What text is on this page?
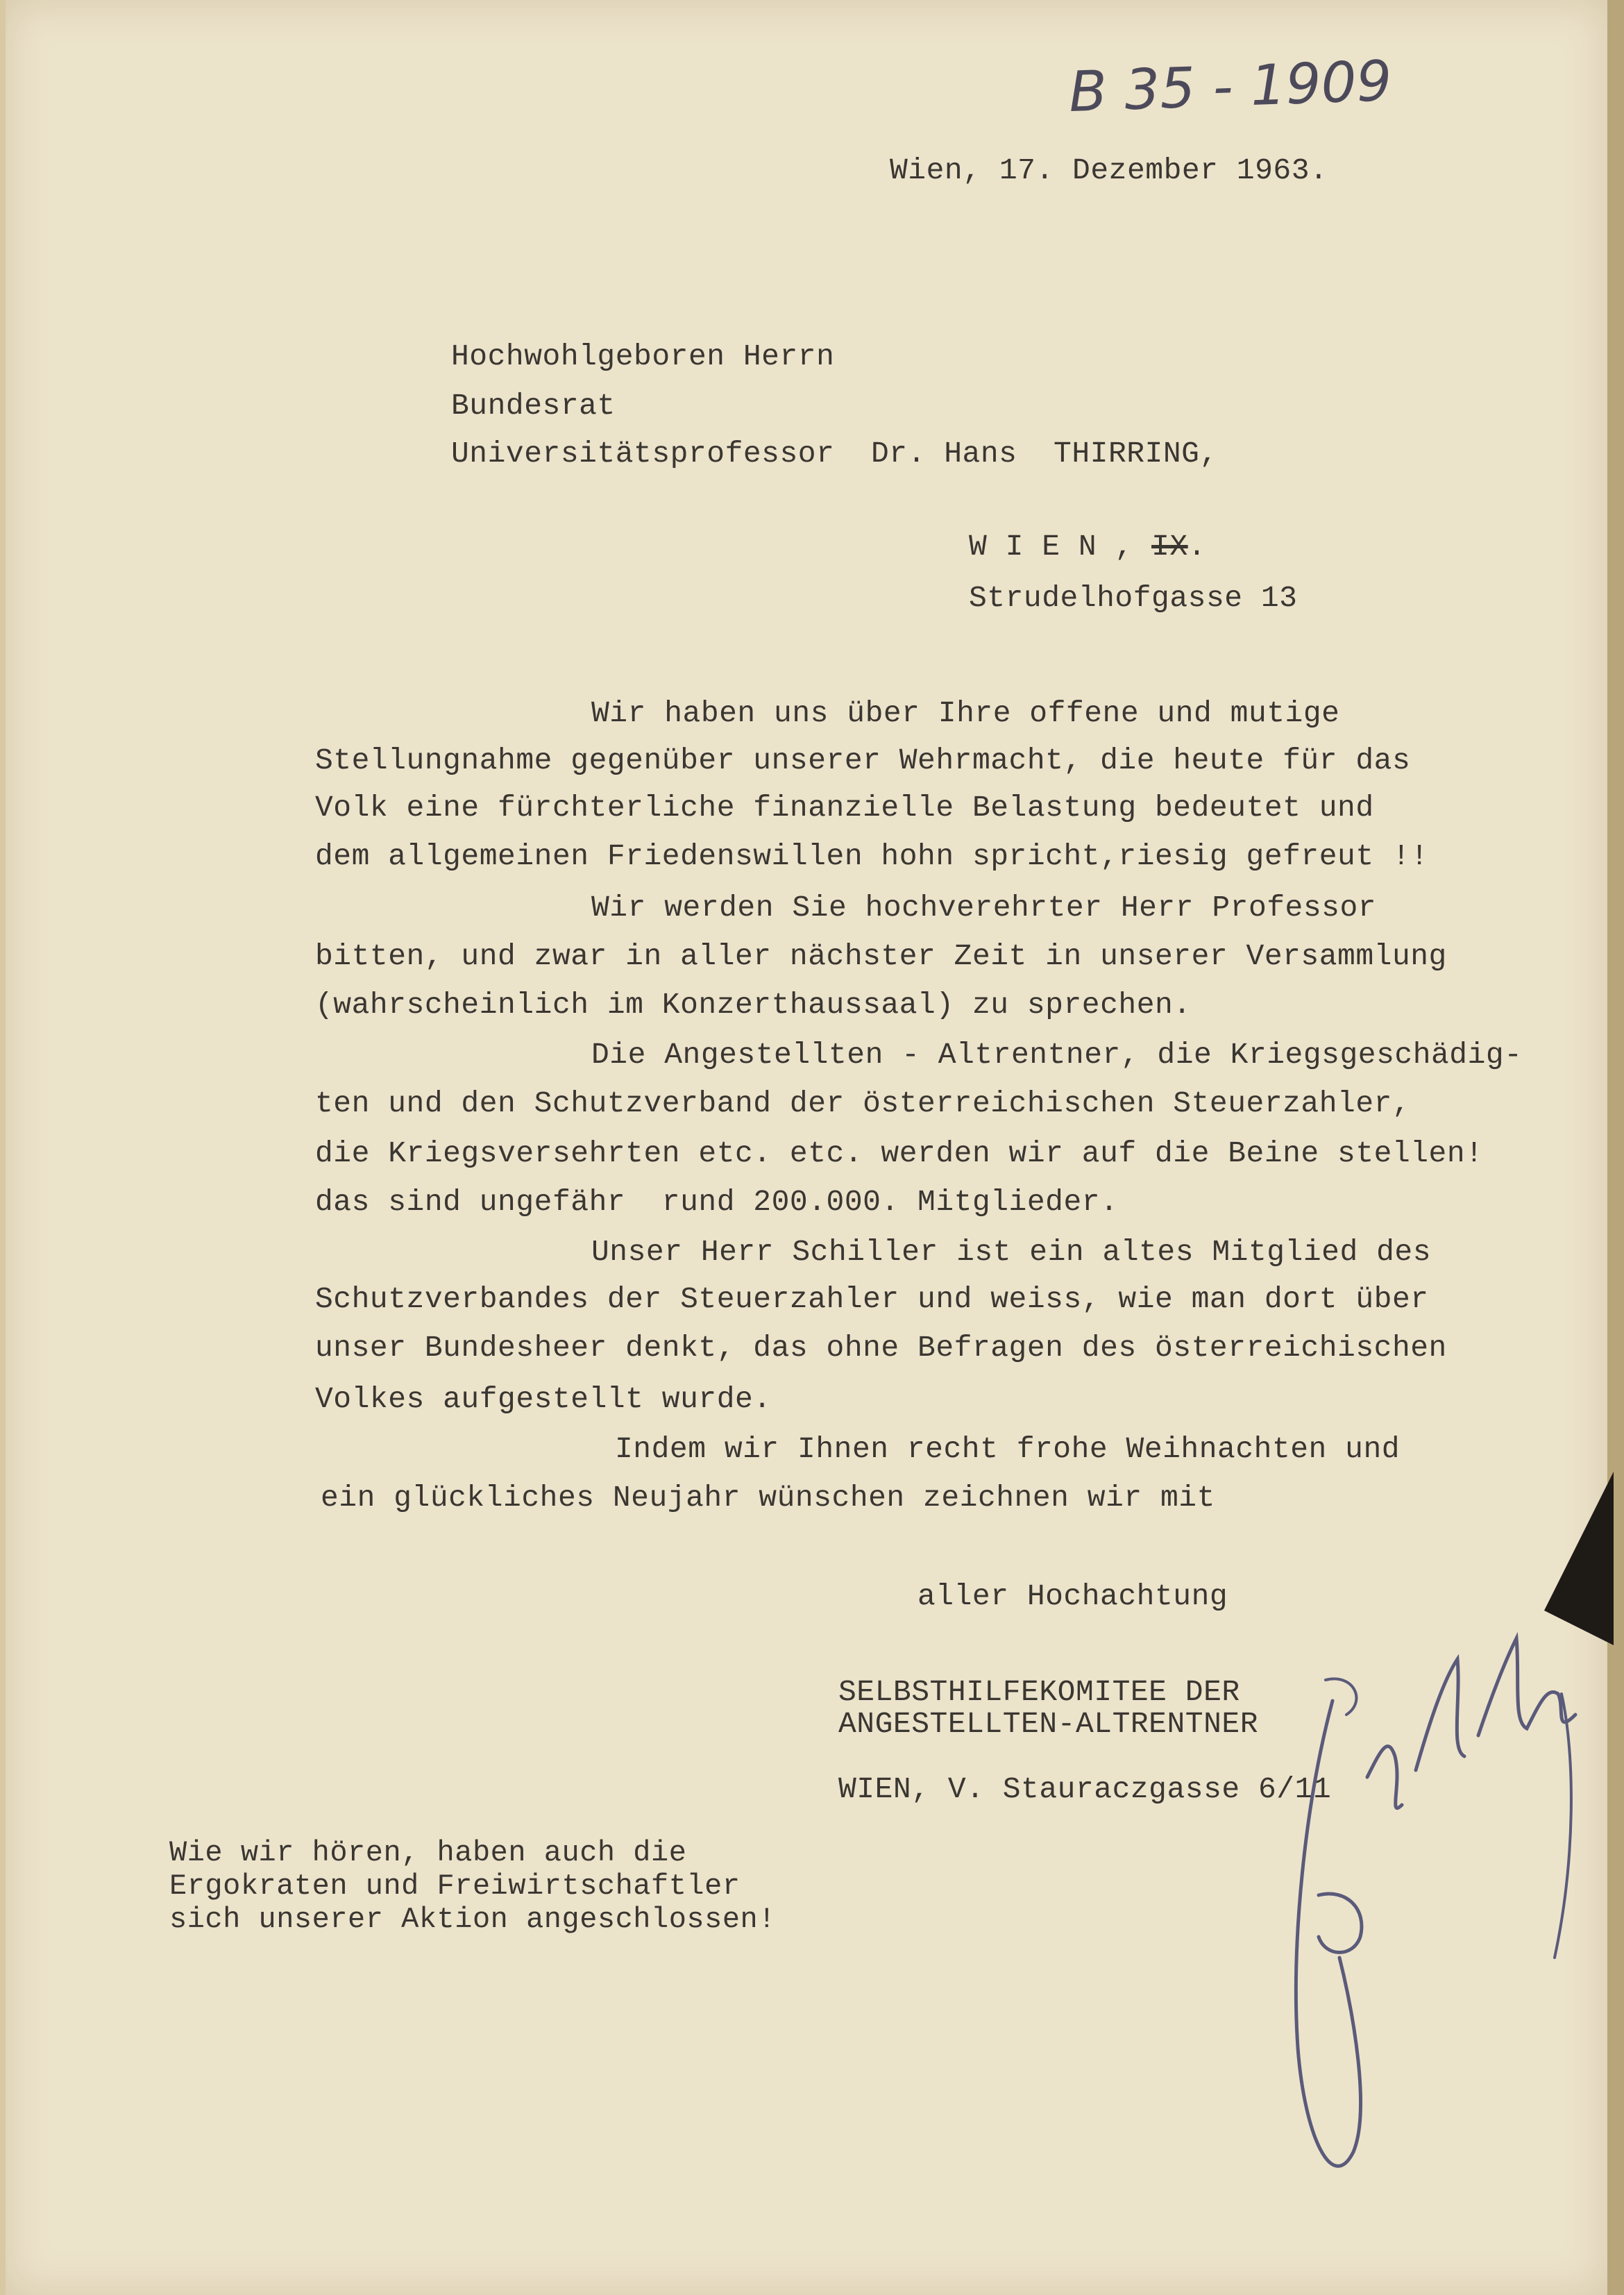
B 35 - 1909

Wien, 17. Dezember 1963.

Hochwohlgeboren Herrn

Bundesrat

Universitätsprofessor  Dr. Hans  THIRRING,

W I E N , IX.

Strudelhofgasse 13

Wir haben uns über Ihre offene und mutige

Stellungnahme gegenüber unserer Wehrmacht, die heute für das

Volk eine fürchterliche finanzielle Belastung bedeutet und

dem allgemeinen Friedenswillen hohn spricht,riesig gefreut !!

Wir werden Sie hochverehrter Herr Professor

bitten, und zwar in aller nächster Zeit in unserer Versammlung

(wahrscheinlich im Konzerthaussaal) zu sprechen.

Die Angestellten - Altrentner, die Kriegsgeschädig-

ten und den Schutzverband der österreichischen Steuerzahler,

die Kriegsversehrten etc. etc. werden wir auf die Beine stellen!

das sind ungefähr  rund 200.000. Mitglieder.

Unser Herr Schiller ist ein altes Mitglied des

Schutzverbandes der Steuerzahler und weiss, wie man dort über

unser Bundesheer denkt, das ohne Befragen des österreichischen

Volkes aufgestellt wurde.

Indem wir Ihnen recht frohe Weihnachten und

ein glückliches Neujahr wünschen zeichnen wir mit

aller Hochachtung

SELBSTHILFEKOMITEE DER

ANGESTELLTEN-ALTRENTNER

WIEN, V. Stauraczgasse 6/11

Wie wir hören, haben auch die

Ergokraten und Freiwirtschaftler

sich unserer Aktion angeschlossen!
